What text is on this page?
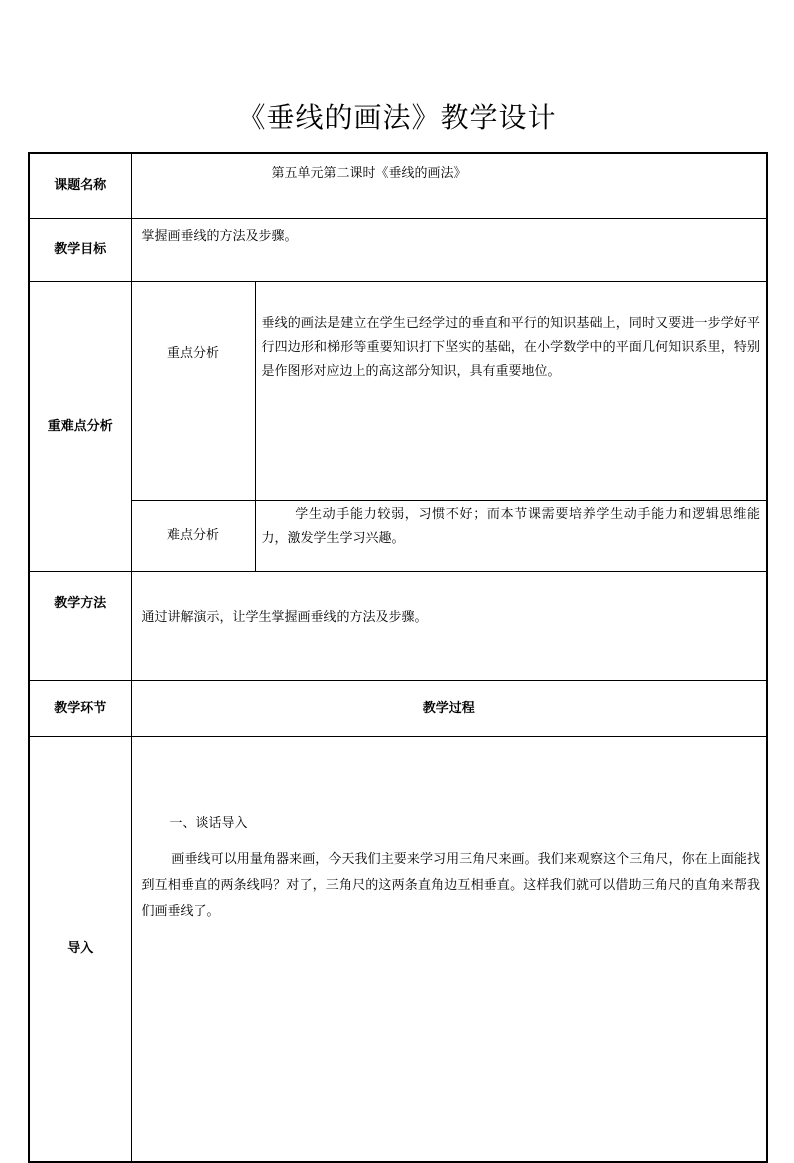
《垂线的画法》教学设计
课题名称	第五单元第二课时《垂线的画法》	
教学目标	掌握画垂线的方法及步骤。	
重难点分析	重点分析	垂线的画法是建立在学生已经学过的垂直和平行的知识基础上，同时又要进一步学好平行四边形和梯形等重要知识打下坚实的基础，在小学数学中的平面几何知识系里，特别是作图形对应边上的高这部分知识，具有重要地位。
	难点分析	学生动手能力较弱，习惯不好；而本节课需要培养学生动手能力和逻辑思维能力，激发学生学习兴趣。
教学方法	通过讲解演示，让学生掌握画垂线的方法及步骤。	
教学环节	教学过程	
导入	一、谈话导入

画垂线可以用量角器来画，今天我们主要来学习用三角尺来画。我们来观察这个三角尺，你在上面能找到互相垂直的两条线吗？对了，三角尺的这两条直角边互相垂直。这样我们就可以借助三角尺的直角来帮我们画垂线了。	
